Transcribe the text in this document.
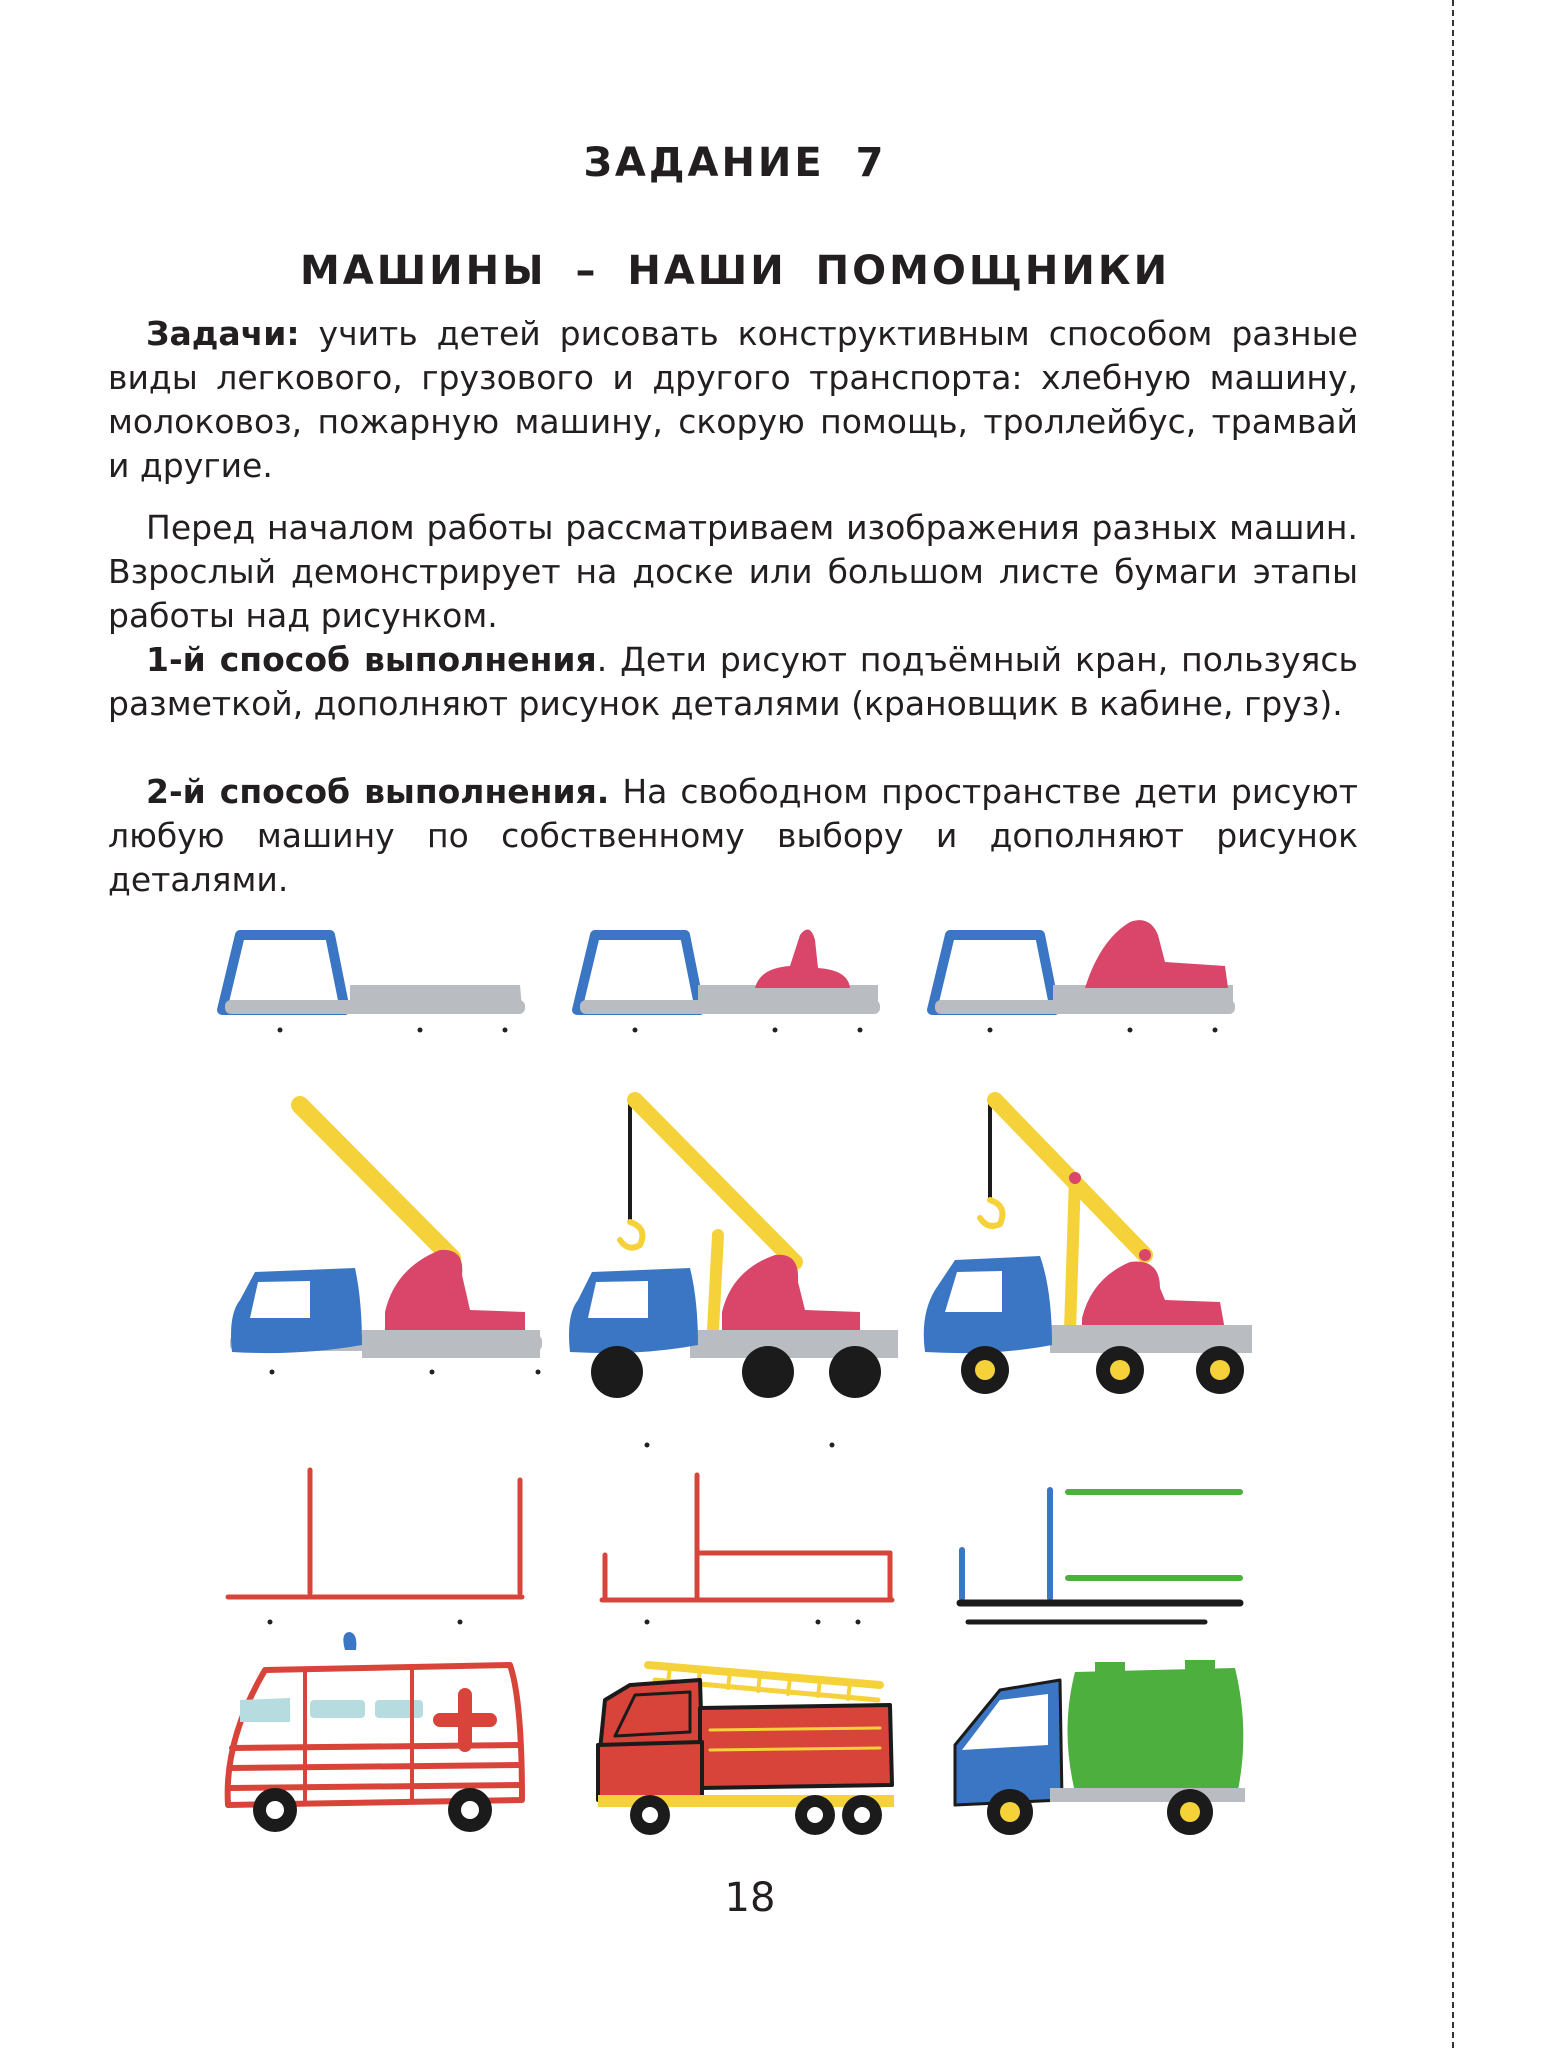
ЗАДАНИЕ 7
МАШИНЫ – НАШИ ПОМОЩНИКИ

Задачи: учить детей рисовать конструктивным способом разные виды легкового, грузового и другого транспорта: хлебную машину, молоковоз, пожарную машину, скорую помощь, троллейбус, трамвай и другие.

Перед началом работы рассматриваем изображения разных машин. Взрослый демонстрирует на доске или большом листе бумаги этапы работы над рисунком.

1-й способ выполнения. Дети рисуют подъёмный кран, пользуясь разметкой, дополняют рисунок деталями (крановщик в кабине, груз).

2-й способ выполнения. На свободном пространстве дети рисуют любую машину по собственному выбору и дополняют рисунок деталями.

18
